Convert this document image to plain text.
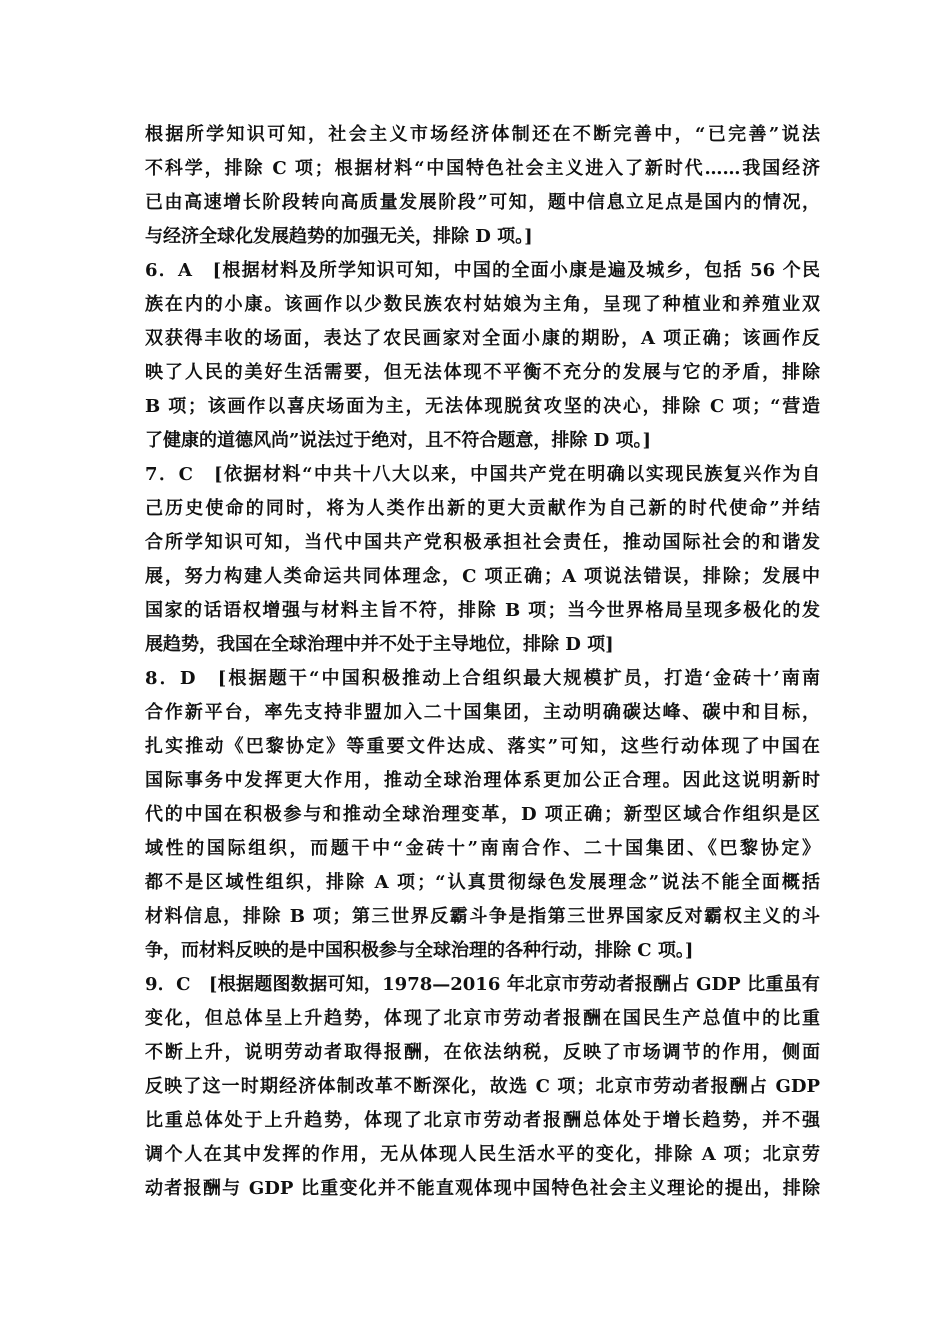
根据所学知识可知，社会主义市场经济体制还在不断完善中，“已完善”说法
不科学，排除 C 项；根据材料“中国特色社会主义进入了新时代……我国经济
已由高速增长阶段转向高质量发展阶段”可知，题中信息立足点是国内的情况，
与经济全球化发展趋势的加强无关，排除 D 项。]
6．A　[根据材料及所学知识可知，中国的全面小康是遍及城乡，包括 56 个民
族在内的小康。该画作以少数民族农村姑娘为主角，呈现了种植业和养殖业双
双获得丰收的场面，表达了农民画家对全面小康的期盼，A 项正确；该画作反
映了人民的美好生活需要，但无法体现不平衡不充分的发展与它的矛盾，排除
B 项；该画作以喜庆场面为主，无法体现脱贫攻坚的决心，排除 C 项；“营造
了健康的道德风尚”说法过于绝对，且不符合题意，排除 D 项。]
7．C　[依据材料“中共十八大以来，中国共产党在明确以实现民族复兴作为自
己历史使命的同时，将为人类作出新的更大贡献作为自己新的时代使命”并结
合所学知识可知，当代中国共产党积极承担社会责任，推动国际社会的和谐发
展，努力构建人类命运共同体理念，C 项正确；A 项说法错误，排除；发展中
国家的话语权增强与材料主旨不符，排除 B 项；当今世界格局呈现多极化的发
展趋势，我国在全球治理中并不处于主导地位，排除 D 项]
8．D　[根据题干“中国积极推动上合组织最大规模扩员，打造‘金砖十’南南
合作新平台，率先支持非盟加入二十国集团，主动明确碳达峰、碳中和目标，
扎实推动《巴黎协定》等重要文件达成、落实”可知，这些行动体现了中国在
国际事务中发挥更大作用，推动全球治理体系更加公正合理。因此这说明新时
代的中国在积极参与和推动全球治理变革，D 项正确；新型区域合作组织是区
域性的国际组织，而题干中“金砖十”南南合作、二十国集团、《巴黎协定》
都不是区域性组织，排除 A 项；“认真贯彻绿色发展理念”说法不能全面概括
材料信息，排除 B 项；第三世界反霸斗争是指第三世界国家反对霸权主义的斗
争，而材料反映的是中国积极参与全球治理的各种行动，排除 C 项。]
9．C　[根据题图数据可知，1978—2016 年北京市劳动者报酬占 GDP 比重虽有
变化，但总体呈上升趋势，体现了北京市劳动者报酬在国民生产总值中的比重
不断上升，说明劳动者取得报酬，在依法纳税，反映了市场调节的作用，侧面
反映了这一时期经济体制改革不断深化，故选 C 项；北京市劳动者报酬占 GDP
比重总体处于上升趋势，体现了北京市劳动者报酬总体处于增长趋势，并不强
调个人在其中发挥的作用，无从体现人民生活水平的变化，排除 A 项；北京劳
动者报酬与 GDP 比重变化并不能直观体现中国特色社会主义理论的提出，排除
